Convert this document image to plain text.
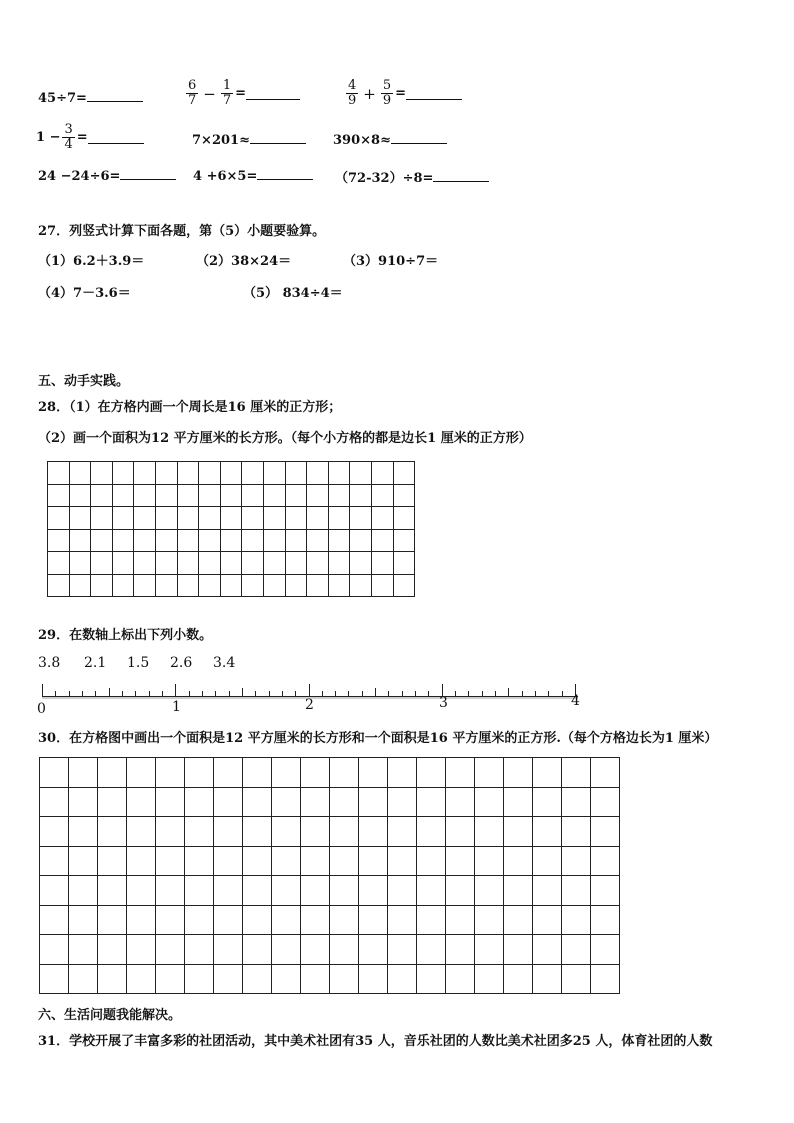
45÷7=	$\frac{6}{7} - \frac{1}{7}$ =	$\frac{4}{9} + \frac{5}{9}$ =
$1 - \frac{3}{4}$ =	7×201≈	390×8≈
24 −24÷6=	4 +6×5=	（72-32）÷8=
27．列竖式计算下面各题，第（5）小题要验算。
（1）6.2＋3.9＝	（2）38×24＝	（3）910÷7＝
（4）7－3.6＝	（5） 834÷4＝
五、动手实践。
28．（1）在方格内画一个周长是16 厘米的正方形；
（2）画一个面积为12 平方厘米的长方形。（每个小方格的都是边长1 厘米的正方形）

29．在数轴上标出下列小数。
3.8 2.1 1.5 2.6 3.4
0	1	2	3	4
30．在方格图中画出一个面积是12 平方厘米的长方形和一个面积是16 平方厘米的正方形.（每个方格边长为1 厘米）

六、生活问题我能解决。
31．学校开展了丰富多彩的社团活动，其中美术社团有35 人，音乐社团的人数比美术社团多25 人，体育社团的人数
